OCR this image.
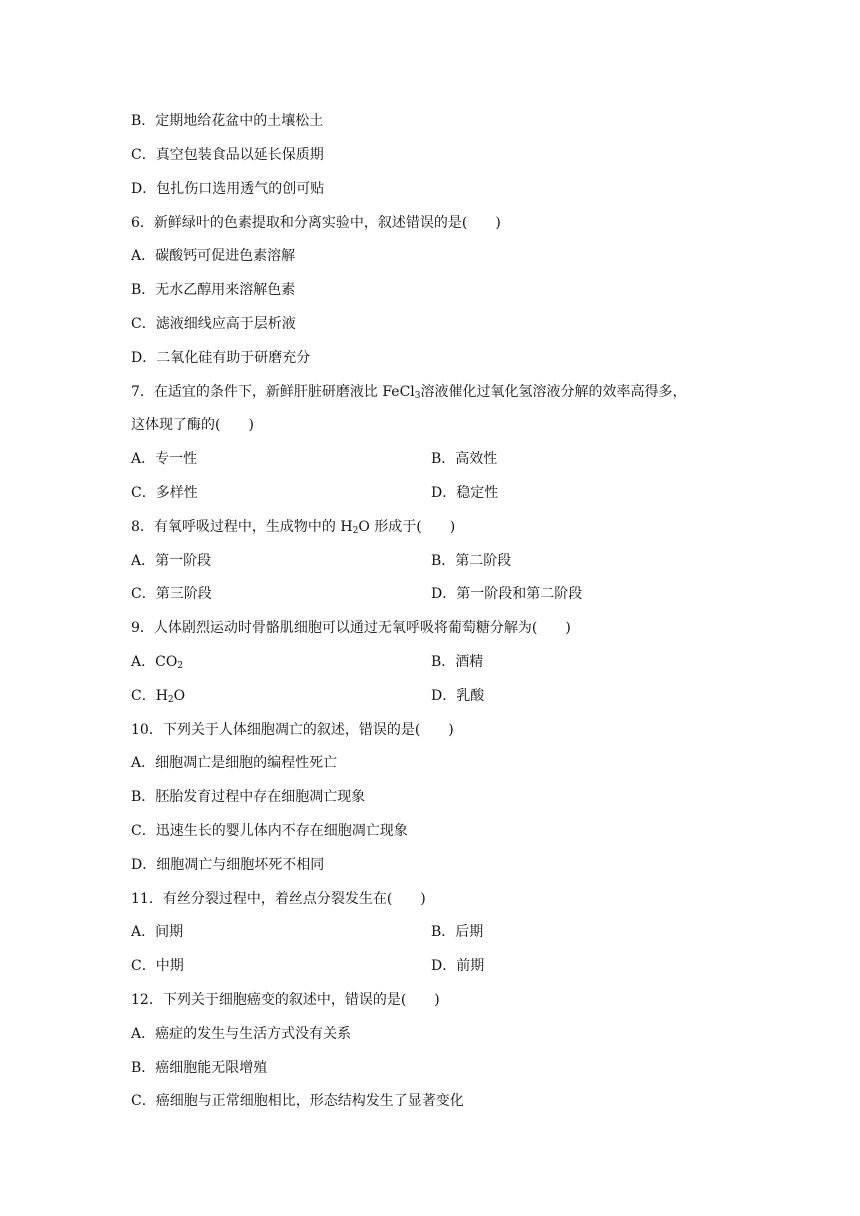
B．定期地给花盆中的土壤松土
C．真空包装食品以延长保质期
D．包扎伤口选用透气的创可贴
6．新鲜绿叶的色素提取和分离实验中，叙述错误的是(　　)
A．碳酸钙可促进色素溶解
B．无水乙醇用来溶解色素
C．滤液细线应高于层析液
D．二氧化硅有助于研磨充分
7．在适宜的条件下，新鲜肝脏研磨液比 FeCl$_3$溶液催化过氧化氢溶液分解的效率高得多，
这体现了酶的(　　)
A．专一性	B．高效性
C．多样性	D．稳定性
8．有氧呼吸过程中，生成物中的 $H_2O$ 形成于(　　)
A．第一阶段	B．第二阶段
C．第三阶段	D．第一阶段和第二阶段
9．人体剧烈运动时骨骼肌细胞可以通过无氧呼吸将葡萄糖分解为(　　)
A．$CO_2$	B．酒精
C．$H_2O$	D．乳酸
10．下列关于人体细胞凋亡的叙述，错误的是(　　)
A．细胞凋亡是细胞的编程性死亡
B．胚胎发育过程中存在细胞凋亡现象
C．迅速生长的婴儿体内不存在细胞凋亡现象
D．细胞凋亡与细胞坏死不相同
11．有丝分裂过程中，着丝点分裂发生在(　　)
A．间期	B．后期
C．中期	D．前期
12．下列关于细胞癌变的叙述中，错误的是(　　)
A．癌症的发生与生活方式没有关系
B．癌细胞能无限增殖
C．癌细胞与正常细胞相比，形态结构发生了显著变化
